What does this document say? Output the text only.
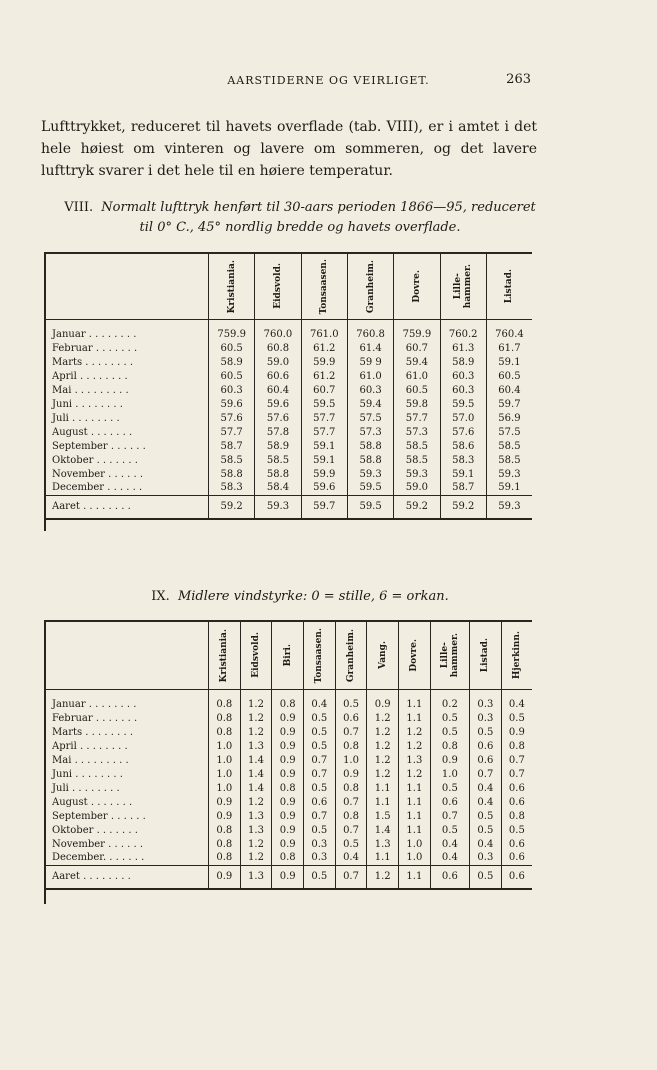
AARSTIDERNE OG VEIRLIGET.	263

Lufttrykket, reduceret til havets overflade (tab. VIII), er i amtet i det hele høiest om vinteren og lavere om sommeren, og det lavere lufttryk svarer i det hele til en høiere temperatur.

VIII. Normalt lufttryk henført til 30-aars perioden 1866—95, reduceret til 0° C., 45° nordlig bredde og havets overflade.

	Kristiania.	Eidsvold.	Tonsaasen.	Granheim.	Dovre.	Lille-
hammer.	Listad.

Januar . . . . . . . .	759.9	760.0	761.0	760.8	759.9	760.2	760.4
Februar . . . . . . .	60.5	60.8	61.2	61.4	60.7	61.3	61.7
Marts . . . . . . . .	58.9	59.0	59.9	59 9	59.4	58.9	59.1
April . . . . . . . .	60.5	60.6	61.2	61.0	61.0	60.3	60.5
Mai . . . . . . . . .	60.3	60.4	60.7	60.3	60.5	60.3	60.4
Juni . . . . . . . .	59.6	59.6	59.5	59.4	59.8	59.5	59.7
Juli . . . . . . . .	57.6	57.6	57.7	57.5	57.7	57.0	56.9
August . . . . . . .	57.7	57.8	57.7	57.3	57.3	57.6	57.5
September . . . . . .	58.7	58.9	59.1	58.8	58.5	58.6	58.5
Oktober . . . . . . .	58.5	58.5	59.1	58.8	58.5	58.3	58.5
November . . . . . .	58.8	58.8	59.9	59.3	59.3	59.1	59.3
December . . . . . .	58.3	58.4	59.6	59.5	59.0	58.7	59.1
Aaret . . . . . . . .	59.2	59.3	59.7	59.5	59.2	59.2	59.3
IX. Midlere vindstyrke: 0 = stille, 6 = orkan.

	Kristiania.	Eidsvold.	Biri.	Tonsaasen.	Granheim.	Vang.	Dovre.	Lille-
hammer.	Listad.	Hjerkinn.

Januar . . . . . . . .	0.8	1.2	0.8	0.4	0.5	0.9	1.1	0.2	0.3	0.4
Februar . . . . . . .	0.8	1.2	0.9	0.5	0.6	1.2	1.1	0.5	0.3	0.5
Marts . . . . . . . .	0.8	1.2	0.9	0.5	0.7	1.2	1.2	0.5	0.5	0.9
April . . . . . . . .	1.0	1.3	0.9	0.5	0.8	1.2	1.2	0.8	0.6	0.8
Mai . . . . . . . . .	1.0	1.4	0.9	0.7	1.0	1.2	1.3	0.9	0.6	0.7
Juni . . . . . . . .	1.0	1.4	0.9	0.7	0.9	1.2	1.2	1.0	0.7	0.7
Juli . . . . . . . .	1.0	1.4	0.8	0.5	0.8	1.1	1.1	0.5	0.4	0.6
August . . . . . . .	0.9	1.2	0.9	0.6	0.7	1.1	1.1	0.6	0.4	0.6
September . . . . . .	0.9	1.3	0.9	0.7	0.8	1.5	1.1	0.7	0.5	0.8
Oktober . . . . . . .	0.8	1.3	0.9	0.5	0.7	1.4	1.1	0.5	0.5	0.5
November . . . . . .	0.8	1.2	0.9	0.3	0.5	1.3	1.0	0.4	0.4	0.6
December. . . . . . .	0.8	1.2	0.8	0.3	0.4	1.1	1.0	0.4	0.3	0.6
Aaret . . . . . . . .	0.9	1.3	0.9	0.5	0.7	1.2	1.1	0.6	0.5	0.6
